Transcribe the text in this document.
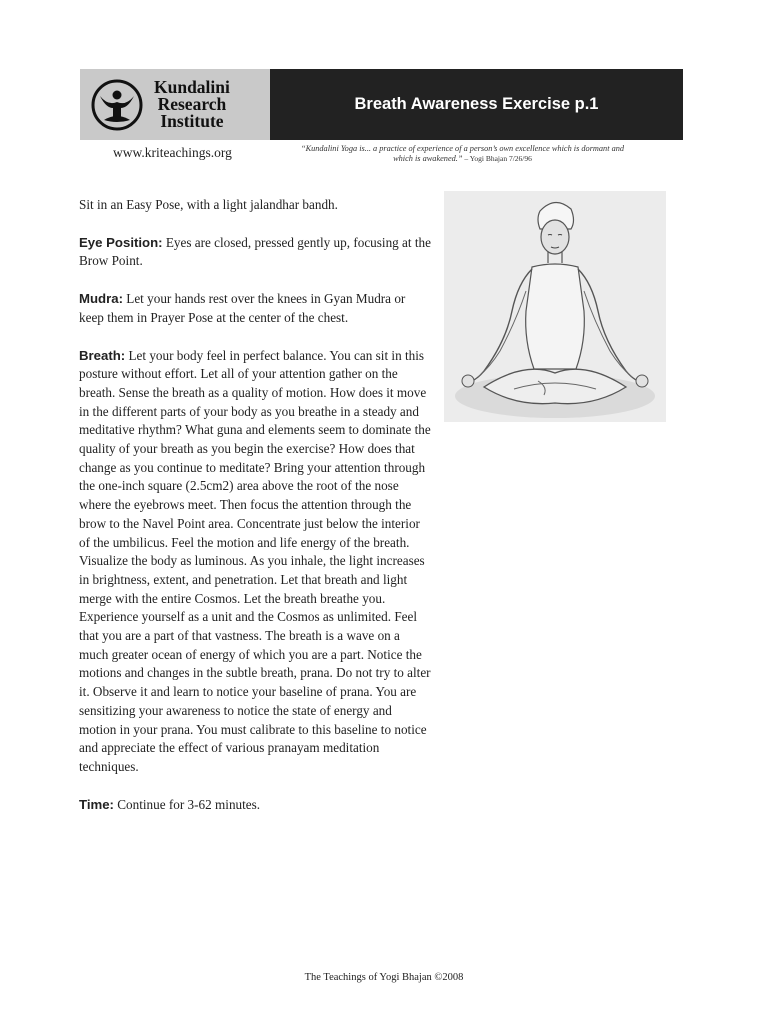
Kundalini
Research
Institute
Breath Awareness Exercise p.1
www.kriteachings.org	“Kundalini Yoga is... a practice of experience of a person’s own excellence which is dormant and which is awakened.” – Yogi Bhajan 7/26/96

Sit in an Easy Pose, with a light jalandhar bandh.

Eye Position: Eyes are closed, pressed gently up, focusing at the Brow Point.

Mudra: Let your hands rest over the knees in Gyan Mudra or keep them in Prayer Pose at the center of the chest.

Breath: Let your body feel in perfect balance. You can sit in this posture without effort. Let all of your attention gather on the breath. Sense the breath as a quality of motion. How does it move in the different parts of your body as you breathe in a steady and meditative rhythm? What guna and elements seem to dominate the quality of your breath as you begin the exercise? How does that change as you continue to meditate? Bring your attention through the one-inch square (2.5cm2) area above the root of the nose where the eyebrows meet. Then focus the attention through the brow to the Navel Point area. Concentrate just below the interior of the umbilicus. Feel the motion and life energy of the breath. Visualize the body as luminous. As you inhale, the light increases in brightness, extent, and penetration. Let that breath and light merge with the entire Cosmos. Let the breath breathe you. Experience yourself as a unit and the Cosmos as unlimited. Feel that you are a part of that vastness. The breath is a wave on a much greater ocean of energy of which you are a part. Notice the motions and changes in the subtle breath, prana. Do not try to alter it. Observe it and learn to notice your baseline of prana. You are sensitizing your awareness to notice the state of energy and motion in your prana. You must calibrate to this baseline to notice and appreciate the effect of various pranayam meditation techniques.

Time: Continue for 3-62 minutes.

The Teachings of Yogi Bhajan ©2008
